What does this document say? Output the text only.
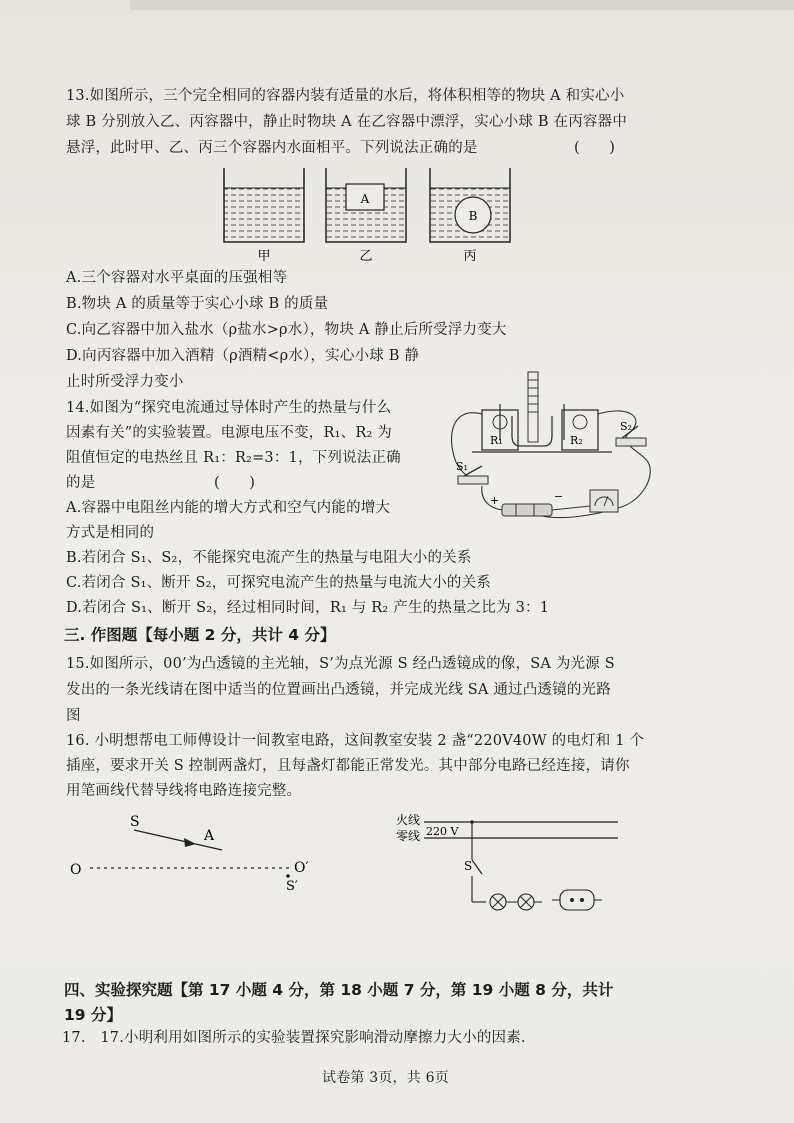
13.如图所示，三个完全相同的容器内装有适量的水后，将体积相等的物块 A 和实心小
球 B 分别放入乙、丙容器中，静止时物块 A 在乙容器中漂浮，实心小球 B 在丙容器中
悬浮，此时甲、乙、丙三个容器内水面相平。下列说法正确的是	(　　)
A
B
甲	乙	丙
A.三个容器对水平桌面的压强相等
B.物块 A 的质量等于实心小球 B 的质量
C.向乙容器中加入盐水（ρ盐水>ρ水），物块 A 静止后所受浮力变大
D.向丙容器中加入酒精（ρ酒精<ρ水），实心小球 B 静
止时所受浮力变小
14.如图为“探究电流通过导体时产生的热量与什么
因素有关”的实验装置。电源电压不变，R₁、R₂ 为
阻值恒定的电热丝且 R₁：R₂=3：1，下列说法正确
的是	(　　)
R₁	R₂
S₁
S₂
+	−
A.容器中电阻丝内能的增大方式和空气内能的增大
方式是相同的
B.若闭合 S₁、S₂，不能探究电流产生的热量与电阻大小的关系
C.若闭合 S₁、断开 S₂，可探究电流产生的热量与电流大小的关系
D.若闭合 S₁、断开 S₂，经过相同时间，R₁ 与 R₂ 产生的热量之比为 3：1
三. 作图题【每小题 2 分，共计 4 分】
15.如图所示，00’为凸透镜的主光轴，S’为点光源 S 经凸透镜成的像，SA 为光源 S
发出的一条光线请在图中适当的位置画出凸透镜，并完成光线 SA 通过凸透镜的光路
图
16. 小明想帮电工师傅设计一间教室电路，这间教室安装 2 盏“220V40W 的电灯和 1 个
插座，要求开关 S 控制两盏灯，且每盏灯都能正常发光。其中部分电路已经连接，请你
用笔画线代替导线将电路连接完整。
S
A
O	O′
S′
火线
零线 220 V
S
四、实验探究题【第 17 小题 4 分，第 18 小题 7 分，第 19 小题 8 分，共计
19 分】
17.　17.小明利用如图所示的实验装置探究影响滑动摩擦力大小的因素.
试卷第 3页，共 6页
